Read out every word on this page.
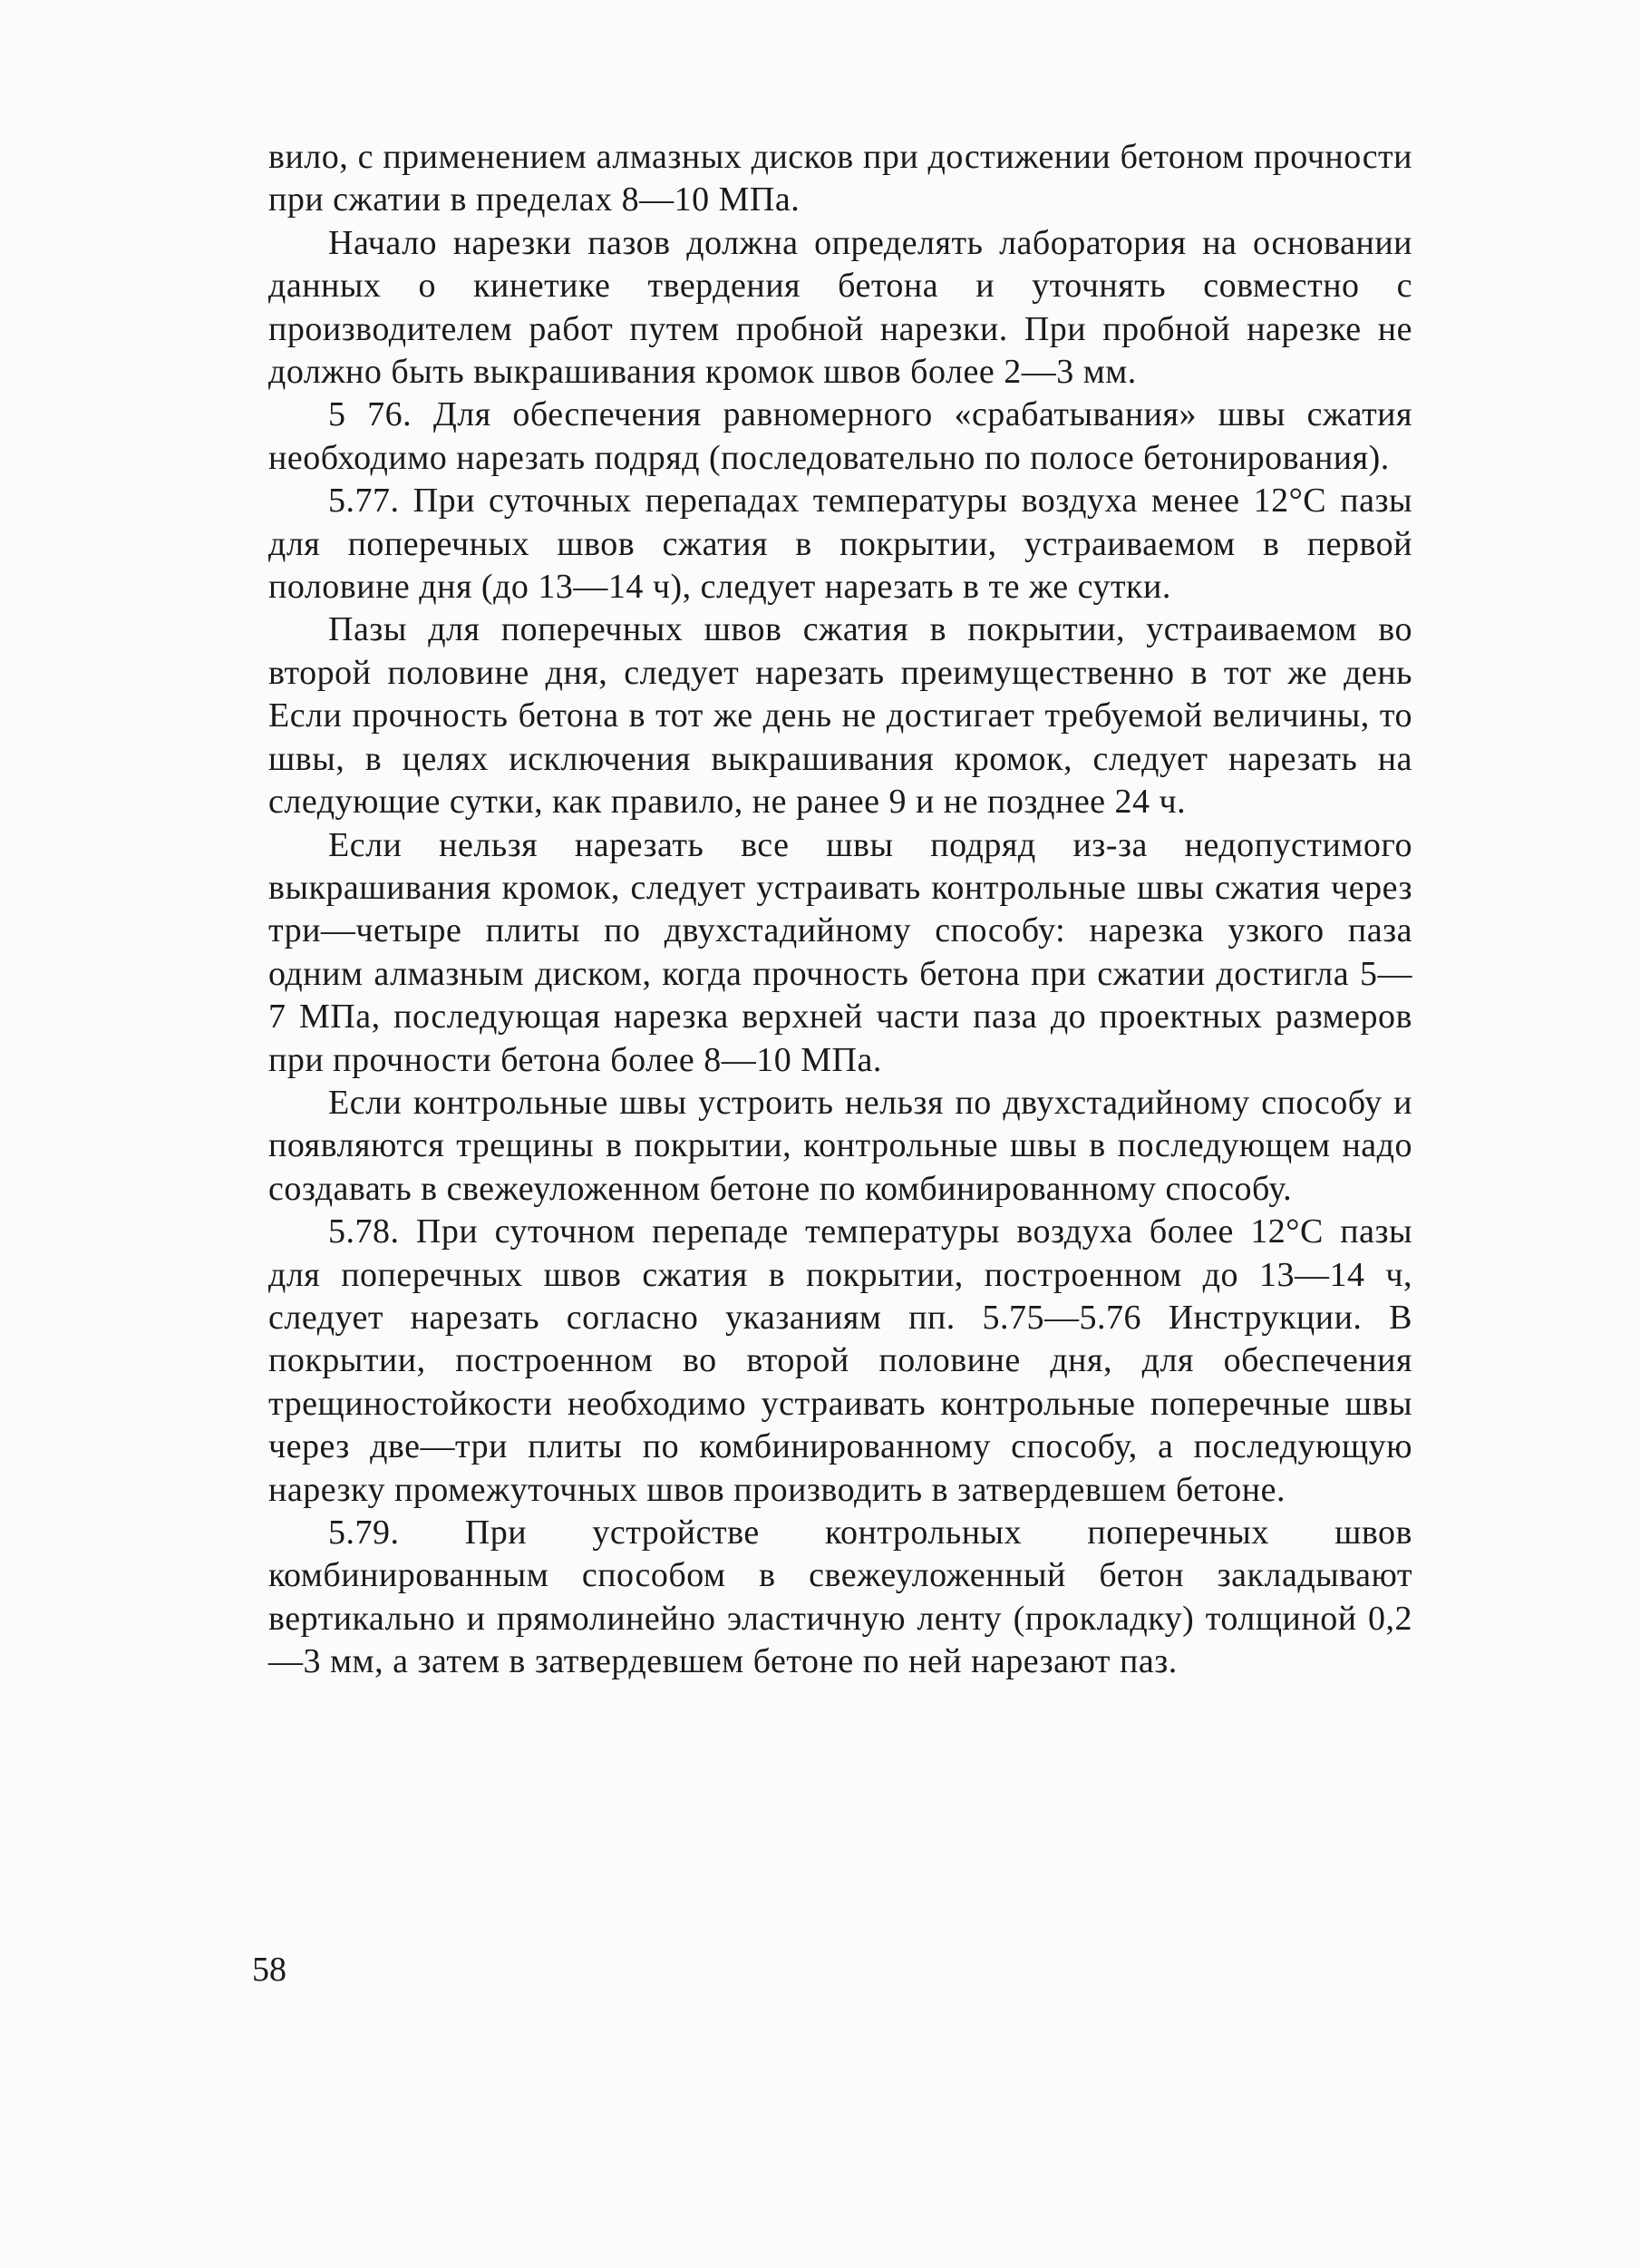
вило, с применением алмазных дисков при достижении бетоном прочности при сжатии в пределах 8—10 МПа.

Начало нарезки пазов должна определять лаборатория на основании данных о кинетике твердения бетона и уточнять совместно с производителем работ путем пробной нарезки. При пробной нарезке не должно быть выкрашивания кромок швов более 2—3 мм.

5 76. Для обеспечения равномерного «срабатывания» швы сжатия необходимо нарезать подряд (последовательно по полосе бетонирования).

5.77. При суточных перепадах температуры воздуха менее 12°С пазы для поперечных швов сжатия в покрытии, устраиваемом в первой половине дня (до 13—14 ч), следует нарезать в те же сутки.

Пазы для поперечных швов сжатия в покрытии, устраиваемом во второй половине дня, следует нарезать преимущественно в тот же день Если прочность бетона в тот же день не достигает требуемой величины, то швы, в целях исключения выкрашивания кромок, следует нарезать на следующие сутки, как правило, не ранее 9 и не позднее 24 ч.

Если нельзя нарезать все швы подряд из-за недопустимого выкрашивания кромок, следует устраивать контрольные швы сжатия через три—четыре плиты по двухстадийному способу: нарезка узкого паза одним алмазным диском, когда прочность бетона при сжатии достигла 5—7 МПа, последующая нарезка верхней части паза до проектных размеров при прочности бетона более 8—10 МПа.

Если контрольные швы устроить нельзя по двухстадийному способу и появляются трещины в покрытии, контрольные швы в последующем надо создавать в свежеуложенном бетоне по комбинированному способу.

5.78. При суточном перепаде температуры воздуха более 12°С пазы для поперечных швов сжатия в покрытии, построенном до 13—14 ч, следует нарезать согласно указаниям пп. 5.75—5.76 Инструкции. В покрытии, построенном во второй половине дня, для обеспечения трещиностойкости необходимо устраивать контрольные поперечные швы через две—три плиты по комбинированному способу, а последующую нарезку промежуточных швов производить в затвердевшем бетоне.

5.79. При устройстве контрольных поперечных швов комбинированным способом в свежеуложенный бетон закладывают вертикально и прямолинейно эластичную ленту (прокладку) толщиной 0,2—3 мм, а затем в затвердевшем бетоне по ней нарезают паз.

58
